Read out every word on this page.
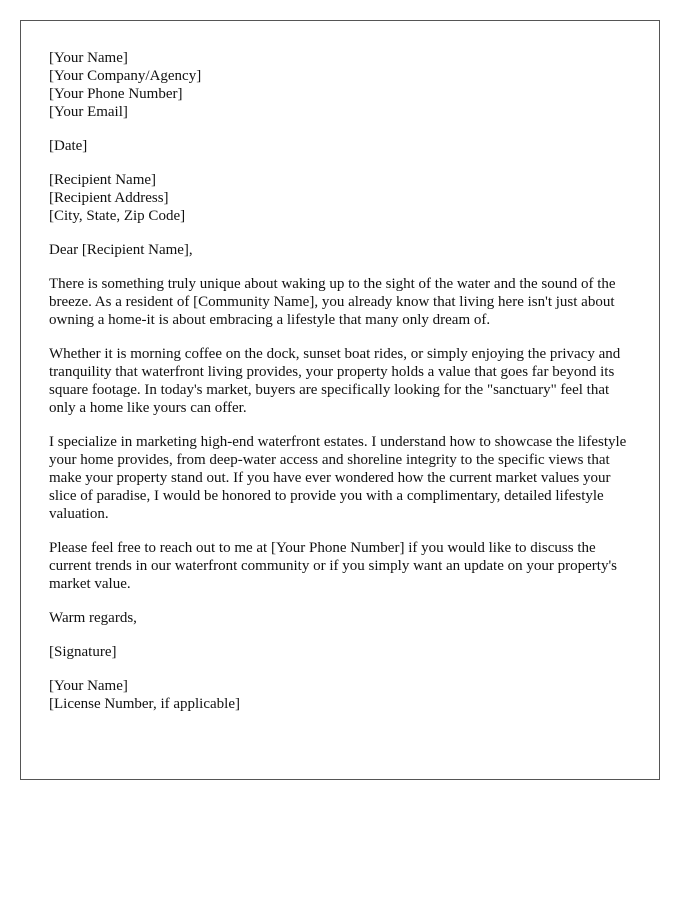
[Your Name]
[Your Company/Agency]
[Your Phone Number]
[Your Email]
[Date]
[Recipient Name]
[Recipient Address]
[City, State, Zip Code]

Dear [Recipient Name],

There is something truly unique about waking up to the sight of the water and the sound of the breeze. As a resident of [Community Name], you already know that living here isn't just about owning a home-it is about embracing a lifestyle that many only dream of.

Whether it is morning coffee on the dock, sunset boat rides, or simply enjoying the privacy and tranquility that waterfront living provides, your property holds a value that goes far beyond its square footage. In today's market, buyers are specifically looking for the "sanctuary" feel that only a home like yours can offer.

I specialize in marketing high-end waterfront estates. I understand how to showcase the lifestyle your home provides, from deep-water access and shoreline integrity to the specific views that make your property stand out. If you have ever wondered how the current market values your slice of paradise, I would be honored to provide you with a complimentary, detailed lifestyle valuation.

Please feel free to reach out to me at [Your Phone Number] if you would like to discuss the current trends in our waterfront community or if you simply want an update on your property's market value.

Warm regards,

[Signature]

[Your Name]
[License Number, if applicable]
